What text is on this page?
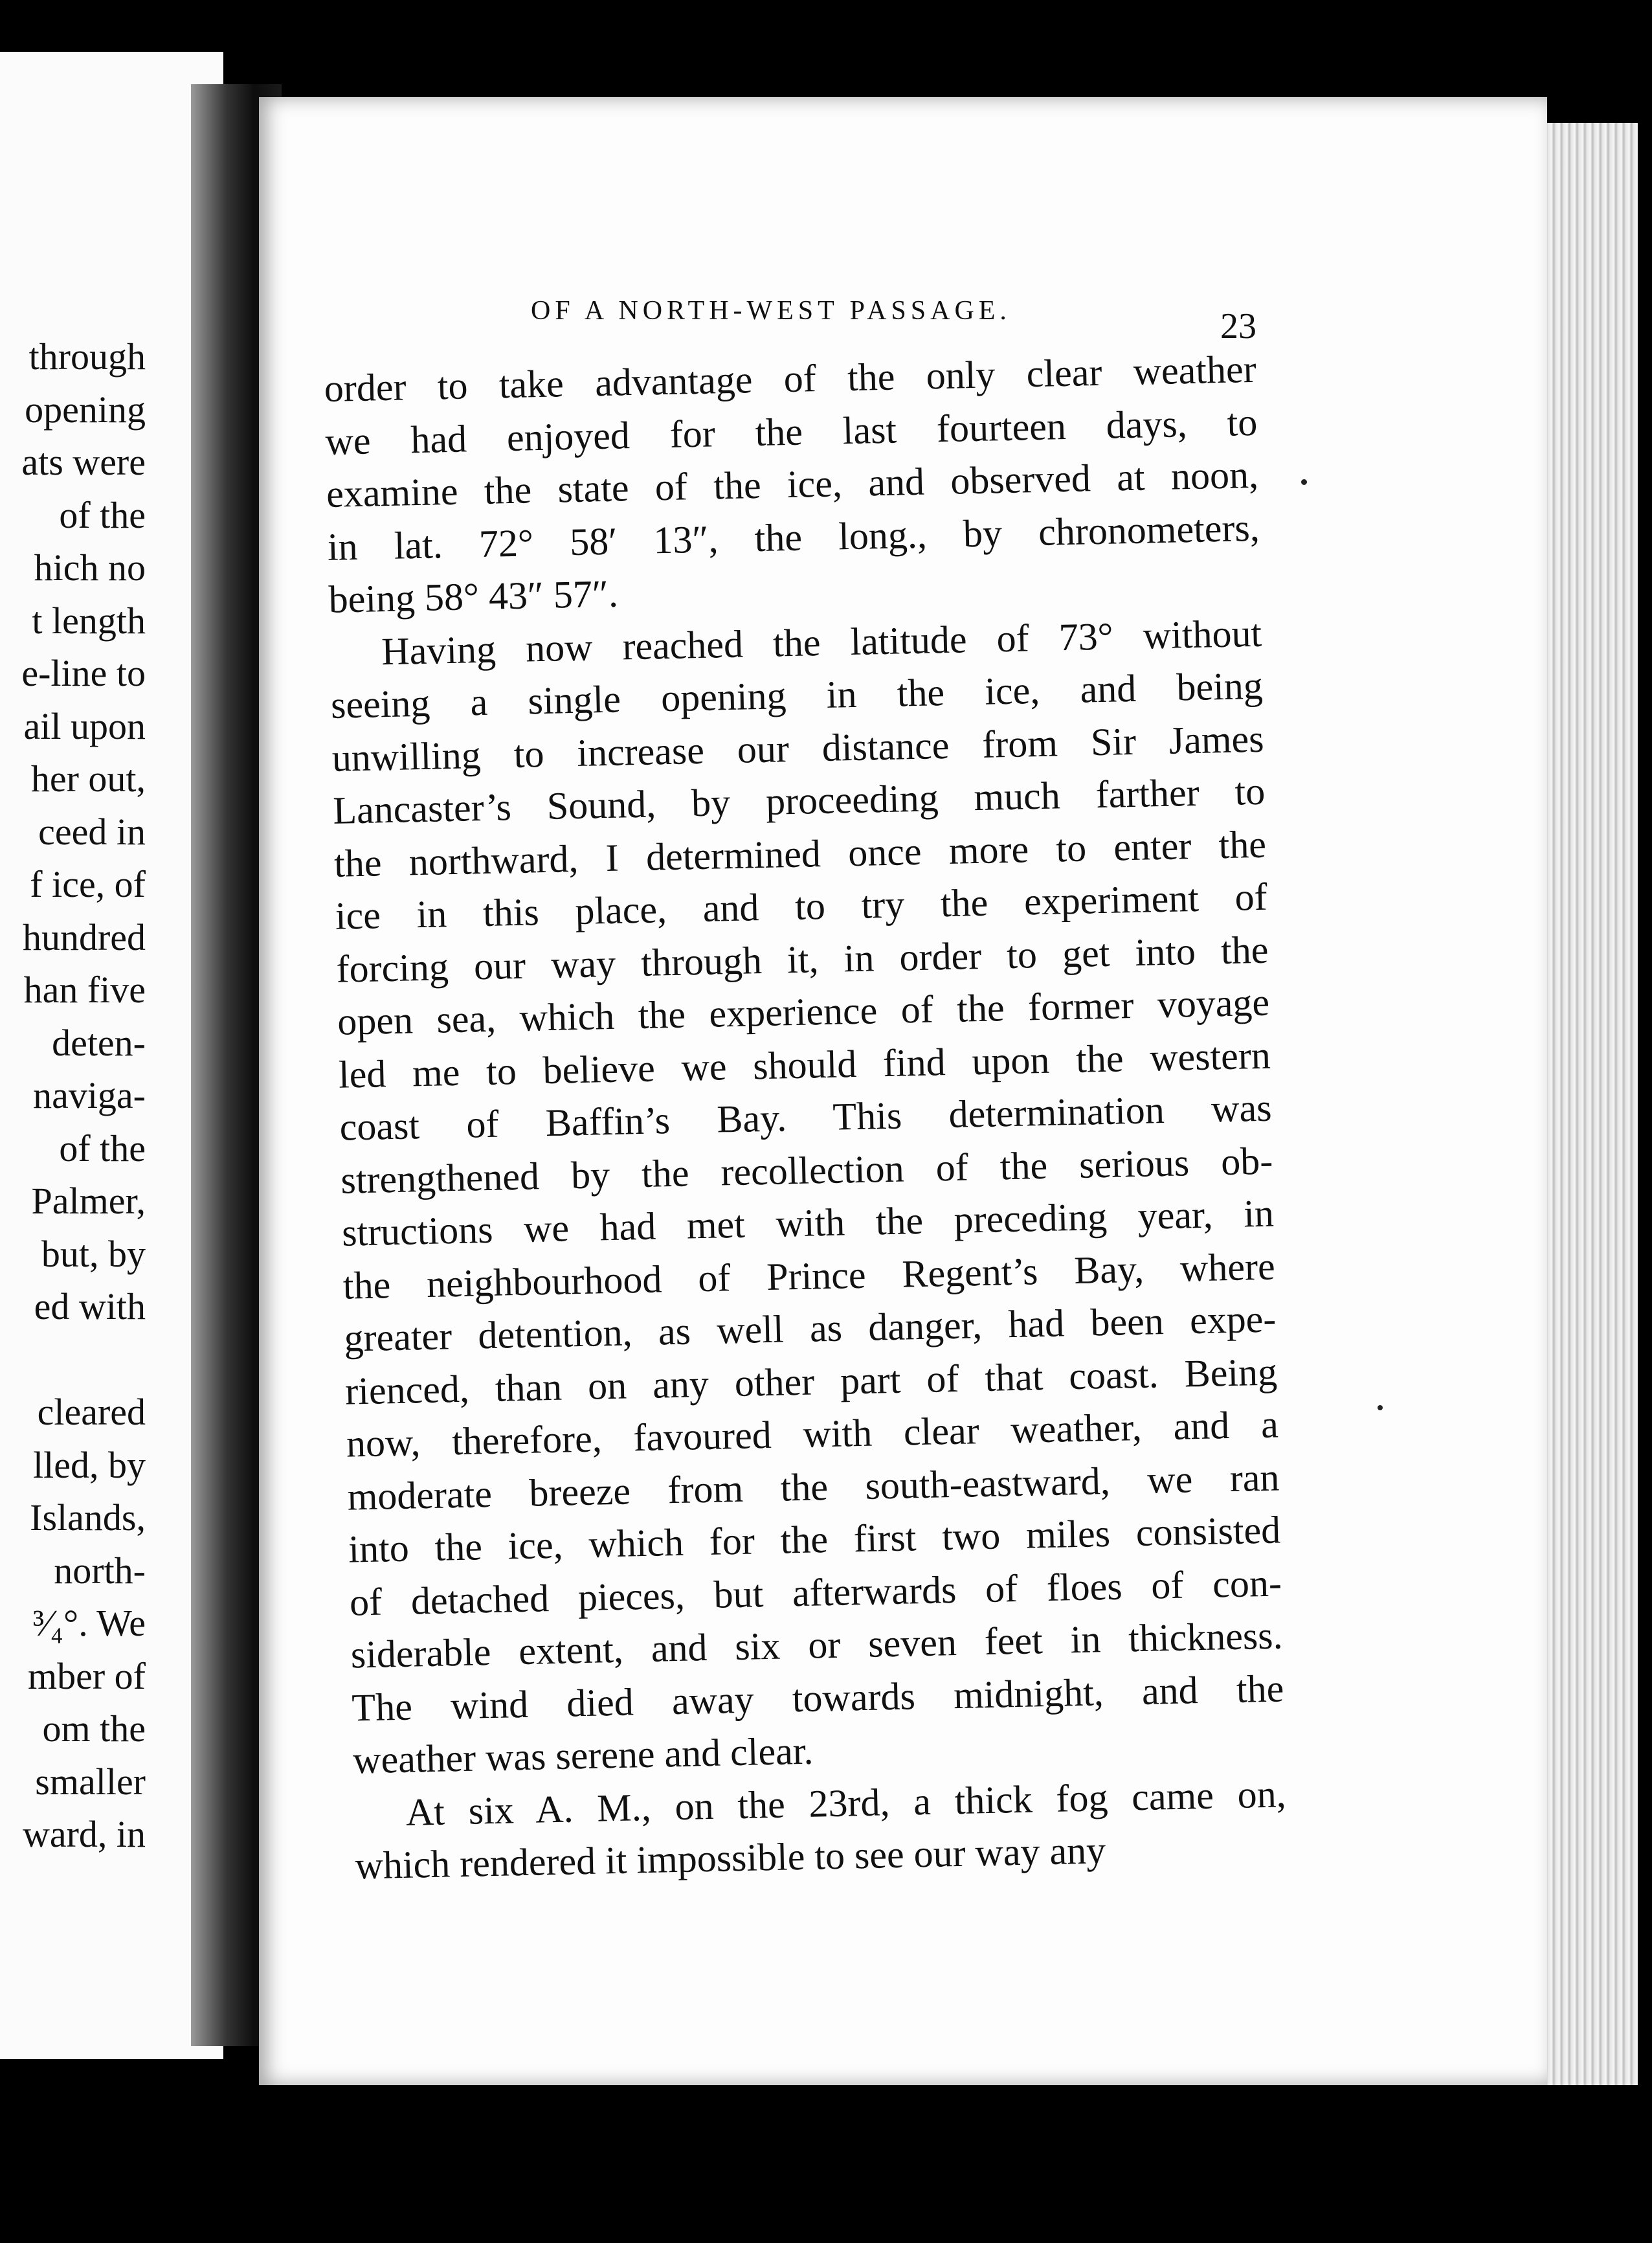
through
opening
ats were
of the
hich no
t length
e-line to
ail upon
her out,
ceed in
f ice, of
hundred
han five
deten-
naviga-
of the
Palmer,
but, by
ed with
cleared
lled, by
Islands,
north-
³⁄₄°. We
mber of
om the
smaller
ward, in
OF A NORTH-WEST PASSAGE.	23
order to take advantage of the only clear weather
we had enjoyed for the last fourteen days, to
examine the state of the ice, and observed at noon,
in lat. 72° 58′ 13″, the long., by chronometers,
being 58° 43″ 57″.
Having now reached the latitude of 73° without
seeing a single opening in the ice, and being
unwilling to increase our distance from Sir James
Lancaster’s Sound, by proceeding much farther to
the northward, I determined once more to enter the
ice in this place, and to try the experiment of
forcing our way through it, in order to get into the
open sea, which the experience of the former voyage
led me to believe we should find upon the western
coast of Baffin’s Bay. This determination was
strengthened by the recollection of the serious ob-
structions we had met with the preceding year, in
the neighbourhood of Prince Regent’s Bay, where
greater detention, as well as danger, had been expe-
rienced, than on any other part of that coast. Being
now, therefore, favoured with clear weather, and a
moderate breeze from the south-eastward, we ran
into the ice, which for the first two miles consisted
of detached pieces, but afterwards of floes of con-
siderable extent, and six or seven feet in thickness.
The wind died away towards midnight, and the
weather was serene and clear.
At six A. M., on the 23rd, a thick fog came on,
which rendered it impossible to see our way any
